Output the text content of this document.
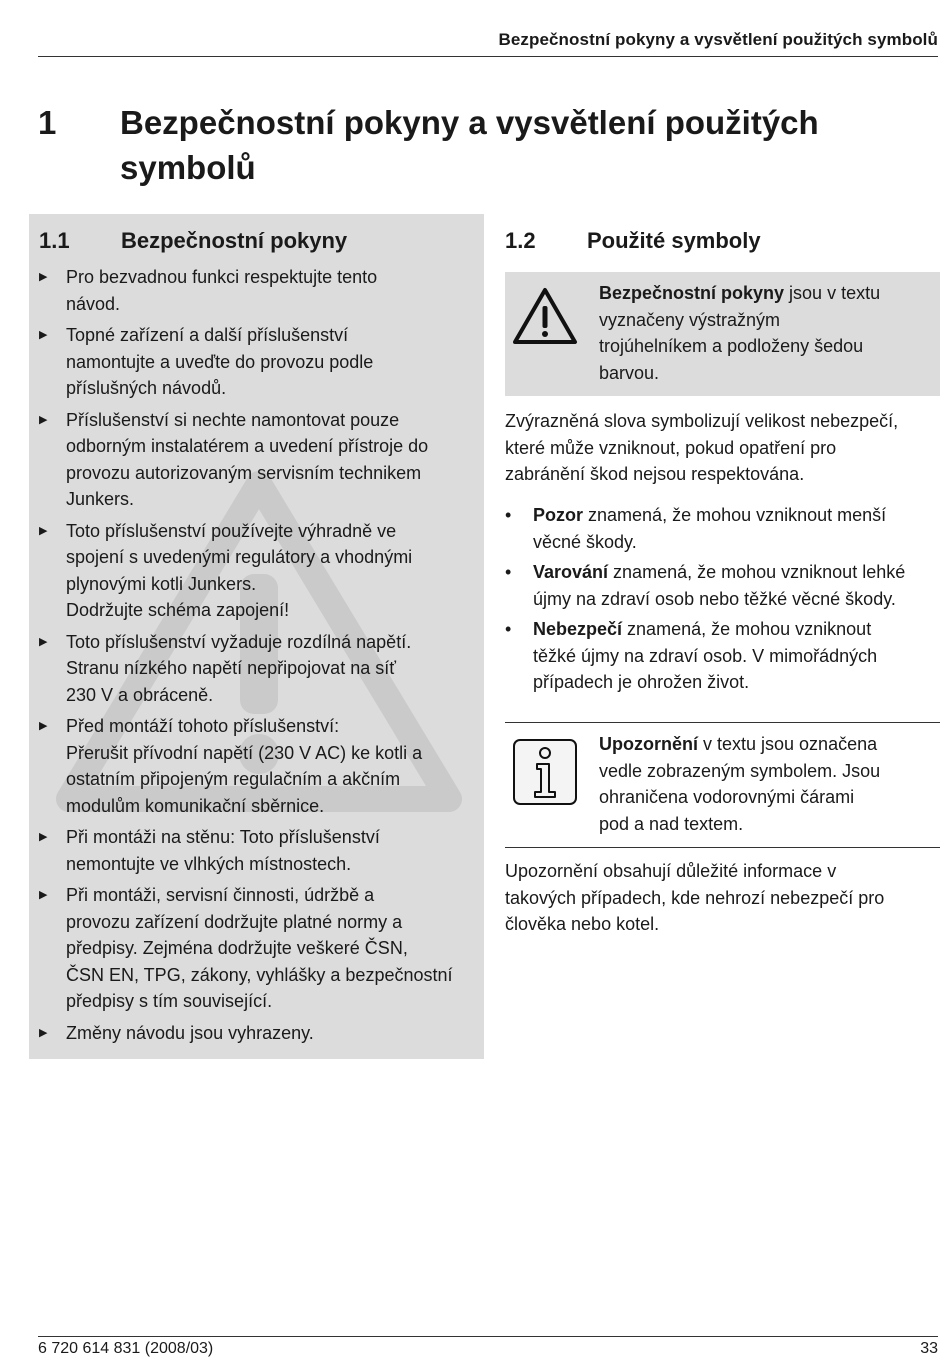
Bezpečnostní pokyny a vysvětlení použitých symbolů
1 Bezpečnostní pokyny a vysvětlení použitých symbolů
1.1 Bezpečnostní pokyny
▶ Pro bezvadnou funkci respektujte tento
návod.
▶ Topné zařízení a další příslušenství
namontujte a uveďte do provozu podle
příslušných návodů.
▶ Příslušenství si nechte namontovat pouze
odborným instalatérem a uvedení přístroje do
provozu autorizovaným servisním technikem
Junkers.
▶ Toto příslušenství používejte výhradně ve
spojení s uvedenými regulátory a vhodnými
plynovými kotli Junkers.
Dodržujte schéma zapojení!
▶ Toto příslušenství vyžaduje rozdílná napětí.
Stranu nízkého napětí nepřipojovat na síť
230 V a obráceně.
▶ Před montáží tohoto příslušenství:
Přerušit přívodní napětí (230 V AC) ke kotli a
ostatním připojeným regulačním a akčním
modulům komunikační sběrnice.
▶ Při montáži na stěnu: Toto příslušenství
nemontujte ve vlhkých místnostech.
▶ Při montáži, servisní činnosti, údržbě a
provozu zařízení dodržujte platné normy a
předpisy. Zejména dodržujte veškeré ČSN,
ČSN EN, TPG, zákony, vyhlášky a bezpečnostní
předpisy s tím související.
▶ Změny návodu jsou vyhrazeny.
1.2 Použité symboly
Bezpečnostní pokyny jsou v textu
vyznačeny výstražným
trojúhelníkem a podloženy šedou
barvou.
Zvýrazněná slova symbolizují velikost nebezpečí,
které může vzniknout, pokud opatření pro
zabránění škod nejsou respektována.
• Pozor znamená, že mohou vzniknout menší
věcné škody.
• Varování znamená, že mohou vzniknout lehké
úјmy na zdraví osob nebo těžké věcné škody.
• Nebezpečí znamená, že mohou vzniknout
těžké újmy na zdraví osob. V mimořádných
případech je ohrožen život.
Upozornění v textu jsou označena
vedle zobrazeným symbolem. Jsou
ohraničena vodorovnými čárami
pod a nad textem.
Upozornění obsahují důležité informace v
takových případech, kde nehrozí nebezpečí pro
člověka nebo kotel.
6 720 614 831 (2008/03)	33
